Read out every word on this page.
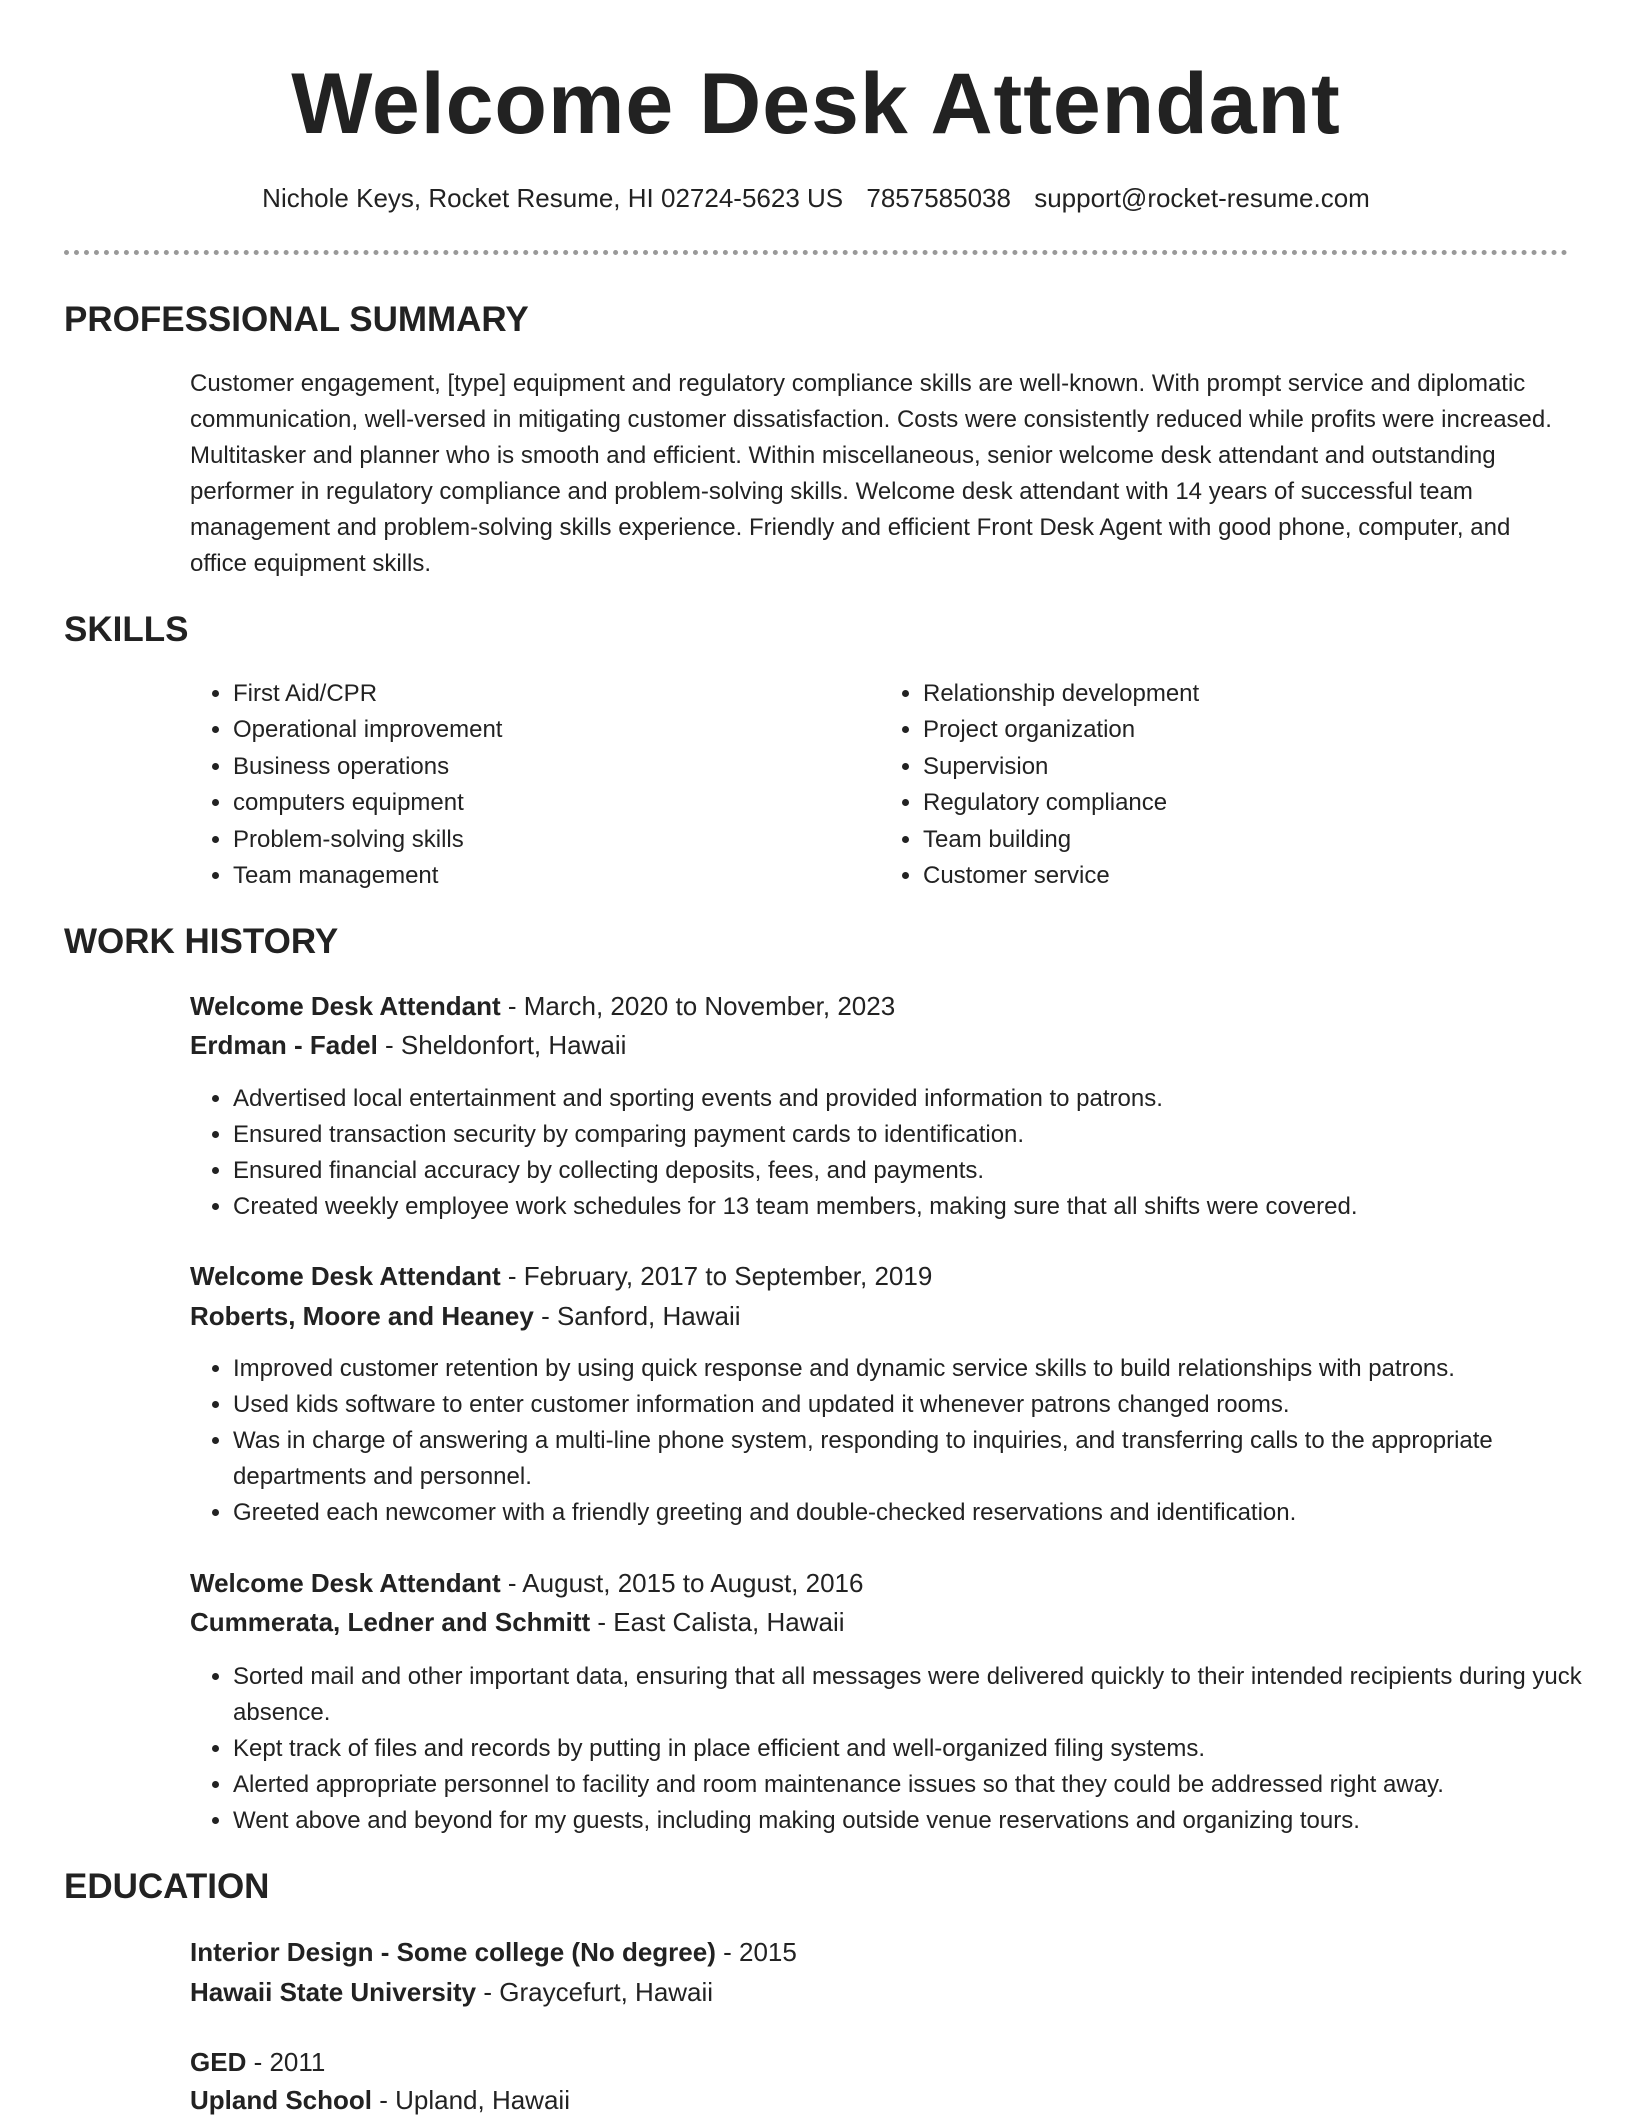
Welcome Desk Attendant
Nichole Keys, Rocket Resume, HI 02724-5623 US 7857585038 support@rocket-resume.com
PROFESSIONAL SUMMARY
Customer engagement, [type] equipment and regulatory compliance skills are well-known. With prompt service and diplomatic communication, well-versed in mitigating customer dissatisfaction. Costs were consistently reduced while profits were increased. Multitasker and planner who is smooth and efficient. Within miscellaneous, senior welcome desk attendant and outstanding performer in regulatory compliance and problem-solving skills. Welcome desk attendant with 14 years of successful team management and problem-solving skills experience. Friendly and efficient Front Desk Agent with good phone, computer, and office equipment skills.
SKILLS
• First Aid/CPR
• Operational improvement
• Business operations
• computers equipment
• Problem-solving skills
• Team management
• Relationship development
• Project organization
• Supervision
• Regulatory compliance
• Team building
• Customer service
WORK HISTORY
Welcome Desk Attendant - March, 2020 to November, 2023
Erdman - Fadel - Sheldonfort, Hawaii
• Advertised local entertainment and sporting events and provided information to patrons.
• Ensured transaction security by comparing payment cards to identification.
• Ensured financial accuracy by collecting deposits, fees, and payments.
• Created weekly employee work schedules for 13 team members, making sure that all shifts were covered.
Welcome Desk Attendant - February, 2017 to September, 2019
Roberts, Moore and Heaney - Sanford, Hawaii
• Improved customer retention by using quick response and dynamic service skills to build relationships with patrons.
• Used kids software to enter customer information and updated it whenever patrons changed rooms.
• Was in charge of answering a multi-line phone system, responding to inquiries, and transferring calls to the appropriate departments and personnel.
• Greeted each newcomer with a friendly greeting and double-checked reservations and identification.
Welcome Desk Attendant - August, 2015 to August, 2016
Cummerata, Ledner and Schmitt - East Calista, Hawaii
• Sorted mail and other important data, ensuring that all messages were delivered quickly to their intended recipients during yuck absence.
• Kept track of files and records by putting in place efficient and well-organized filing systems.
• Alerted appropriate personnel to facility and room maintenance issues so that they could be addressed right away.
• Went above and beyond for my guests, including making outside venue reservations and organizing tours.
EDUCATION
Interior Design - Some college (No degree) - 2015
Hawaii State University - Graycefurt, Hawaii
GED - 2011
Upland School - Upland, Hawaii
